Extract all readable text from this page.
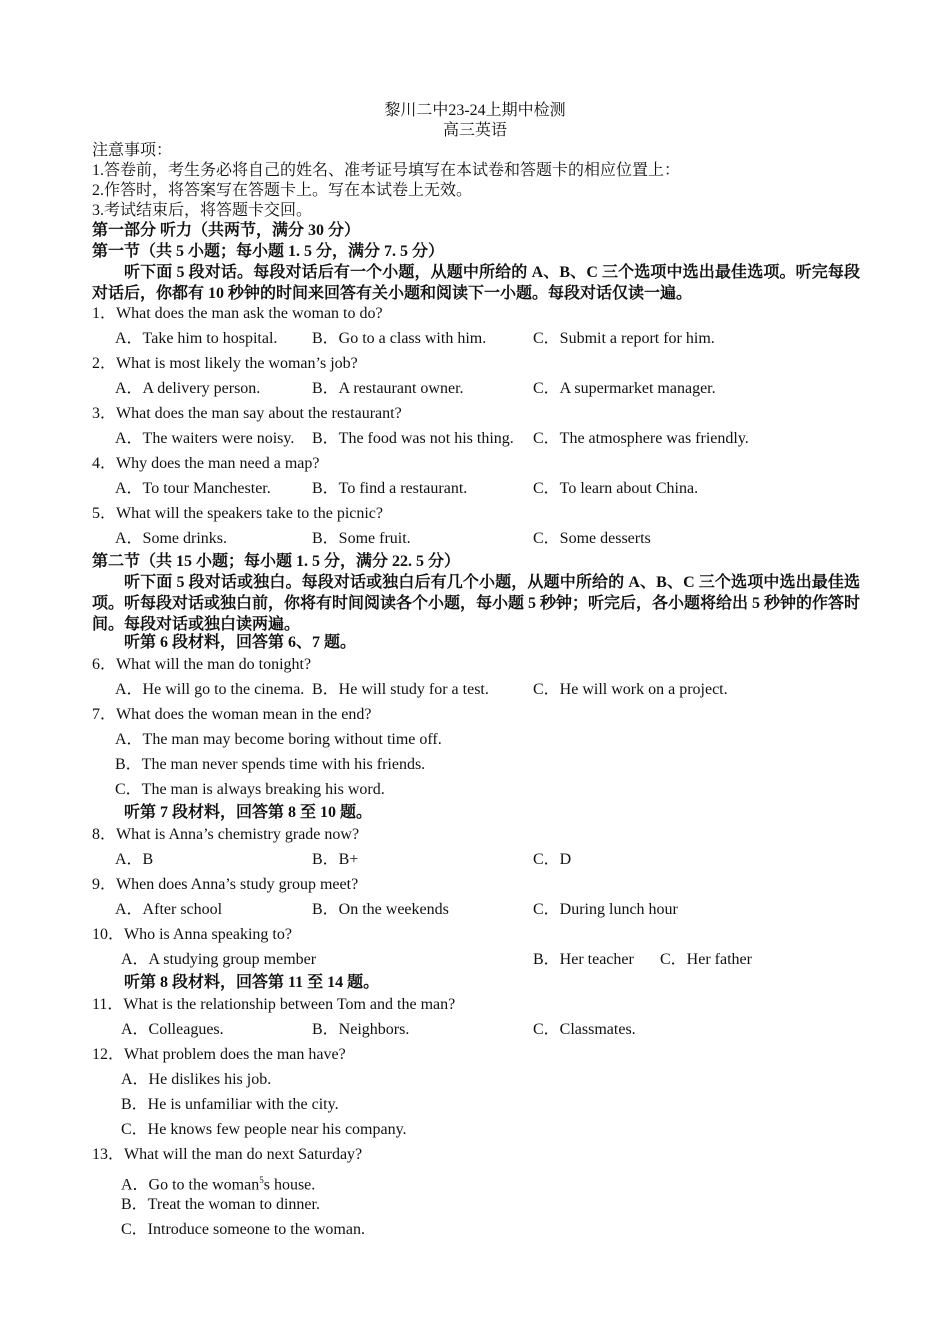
黎川二中23-24上期中检测
高三英语
注意事项：
1.答卷前，考生务必将自己的姓名、准考证号填写在本试卷和答题卡的相应位置上：
2.作答时，将答案写在答题卡上。写在本试卷上无效。
3.考试结束后，将答题卡交回。
第一部分 听力（共两节，满分 30 分）
第一节（共 5 小题；每小题 1. 5 分，满分 7. 5 分）
听下面 5 段对话。每段对话后有一个小题，从题中所给的 A、B、C 三个选项中选出最佳选项。听完每段对话后，你都有 10 秒钟的时间来回答有关小题和阅读下一小题。每段对话仅读一遍。
1．What does the man ask the woman to do?
A．Take him to hospital. B．Go to a class with him.	C．Submit a report for him.
2．What is most likely the woman’s job?
A．A delivery person.	B．A restaurant owner.	C．A supermarket manager.
3．What does the man say about the restaurant?
A．The waiters were noisy. B．The food was not his thing. C．The atmosphere was friendly.
4．Why does the man need a map?
A．To tour Manchester.	B．To find a restaurant.	C．To learn about China.
5．What will the speakers take to the picnic?
A．Some drinks.	B．Some fruit.	C．Some desserts
第二节（共 15 小题；每小题 1. 5 分，满分 22. 5 分）
听下面 5 段对话或独白。每段对话或独白后有几个小题，从题中所给的 A、B、C 三个选项中选出最佳选项。听每段对话或独白前，你将有时间阅读各个小题，每小题 5 秒钟；听完后，各小题将给出 5 秒钟的作答时间。每段对话或独白读两遍。
听第 6 段材料，回答第 6、7 题。
6．What will the man do tonight?
A．He will go to the cinema. B．He will study for a test.	C．He will work on a project.
7．What does the woman mean in the end?
A．The man may become boring without time off.
B．The man never spends time with his friends.
C．The man is always breaking his word.
听第 7 段材料，回答第 8 至 10 题。
8．What is Anna’s chemistry grade now?
A．B	B．B+	C．D
9．When does Anna’s study group meet?
A．After school	B．On the weekends	C．During lunch hour
10．Who is Anna speaking to?
A．A studying group member	B．Her teacher C．Her father
听第 8 段材料，回答第 11 至 14 题。
11．What is the relationship between Tom and the man?
A．Colleagues.	B．Neighbors.	C．Classmates.
12．What problem does the man have?
A．He dislikes his job.
B．He is unfamiliar with the city.
C．He knows few people near his company.
13．What will the man do next Saturday?
A．Go to the woman$^5$s house.
B．Treat the woman to dinner.
C．Introduce someone to the woman.
